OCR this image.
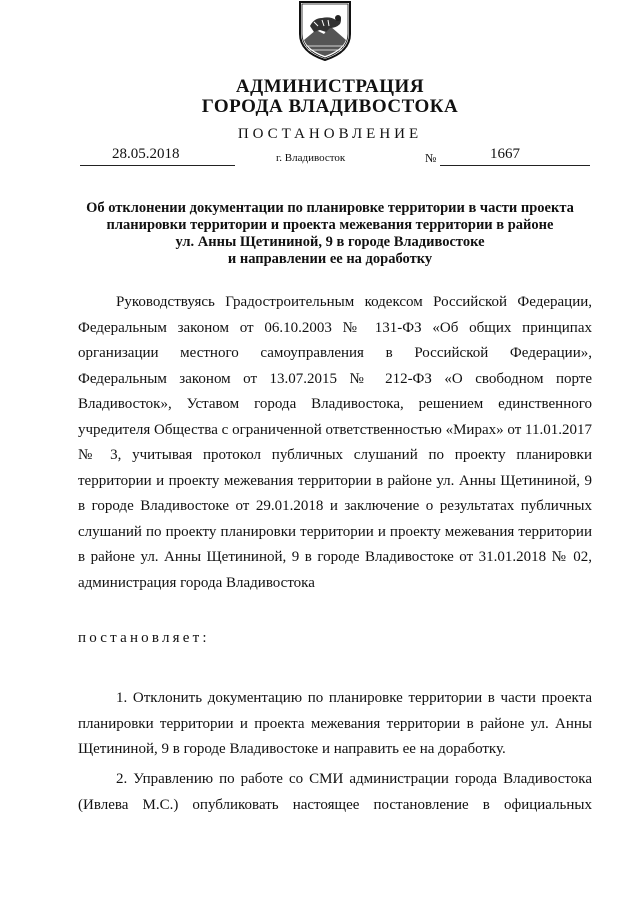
АДМИНИСТРАЦИЯ
ГОРОДА ВЛАДИВОСТОКА
ПОСТАНОВЛЕНИЕ
28.05.2018	г. Владивосток	№	1667
Об отклонении документации по планировке территории в части проекта
планировки территории и проекта межевания территории в районе
ул. Анны Щетининой, 9 в городе Владивостоке
и направлении ее на доработку
Руководствуясь Градостроительным кодексом Российской Федерации,
Федеральным законом от 06.10.2003 № 131-ФЗ «Об общих принципах
организации местного самоуправления в Российской Федерации»,
Федеральным законом от 13.07.2015 № 212-ФЗ «О свободном порте
Владивосток», Уставом города Владивостока, решением единственного
учредителя Общества с ограниченной ответственностью «Мирах» от 11.01.2017
№ 3, учитывая протокол публичных слушаний по проекту планировки
территории и проекту межевания территории в районе ул. Анны Щетининой, 9
в городе Владивостоке от 29.01.2018 и заключение о результатах публичных
слушаний по проекту планировки территории и проекту межевания территории
в районе ул. Анны Щетининой, 9 в городе Владивостоке от 31.01.2018 № 02,
администрация города Владивостока
постановляет:
1. Отклонить документацию по планировке территории в части проекта
планировки территории и проекта межевания территории в районе ул. Анны
Щетининой, 9 в городе Владивостоке и направить ее на доработку.
2. Управлению по работе со СМИ администрации города Владивостока
(Ивлева М.С.) опубликовать настоящее постановление в официальных
